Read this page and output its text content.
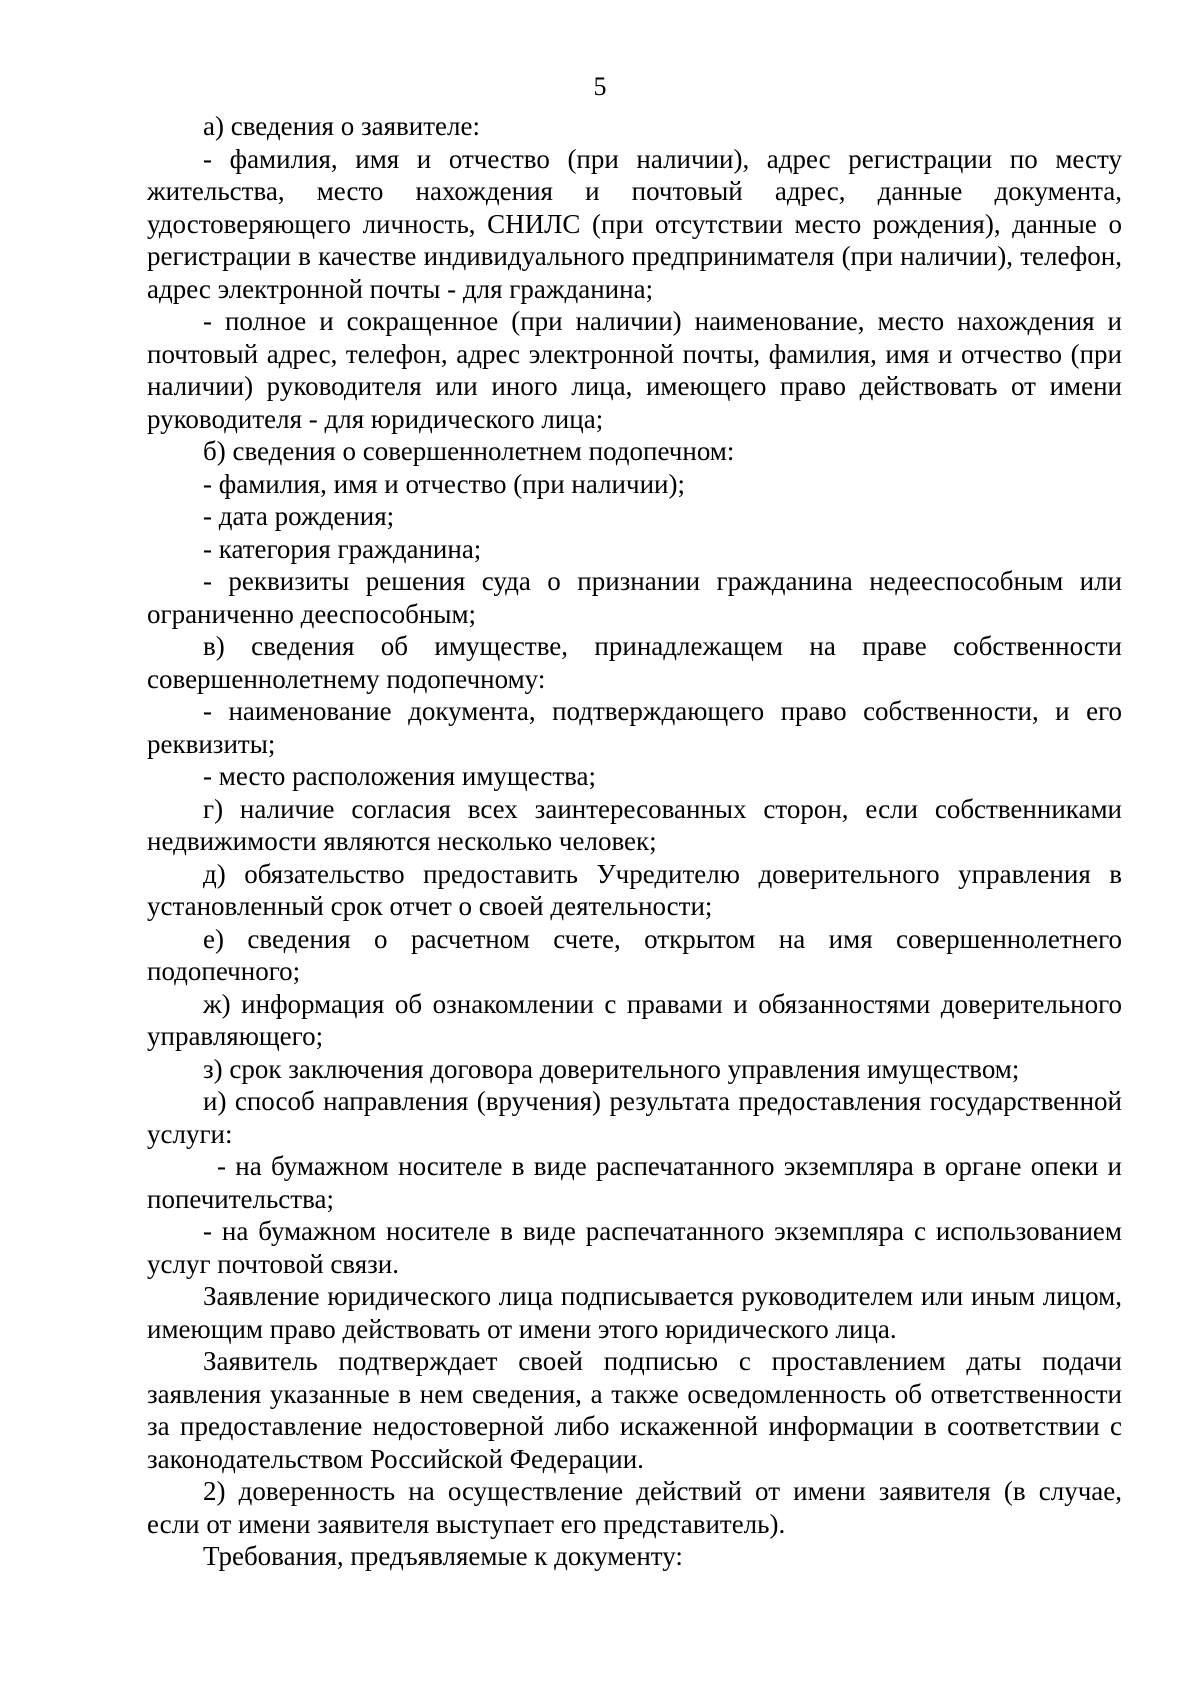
5

а) сведения о заявителе:

- фамилия, имя и отчество (при наличии), адрес регистрации по месту жительства, место нахождения и почтовый адрес, данные документа, удостоверяющего личность, СНИЛС (при отсутствии место рождения), данные о регистрации в качестве индивидуального предпринимателя (при наличии), телефон, адрес электронной почты - для гражданина;

- полное и сокращенное (при наличии) наименование, место нахождения и почтовый адрес, телефон, адрес электронной почты, фамилия, имя и отчество (при наличии) руководителя или иного лица, имеющего право действовать от имени руководителя - для юридического лица;

б) сведения о совершеннолетнем подопечном:

- фамилия, имя и отчество (при наличии);

- дата рождения;

- категория гражданина;

- реквизиты решения суда о признании гражданина недееспособным или ограниченно дееспособным;

в) сведения об имуществе, принадлежащем на праве собственности совершеннолетнему подопечному:

- наименование документа, подтверждающего право собственности, и его реквизиты;

- место расположения имущества;

г) наличие согласия всех заинтересованных сторон, если собственниками недвижимости являются несколько человек;

д) обязательство предоставить Учредителю доверительного управления в установленный срок отчет о своей деятельности;

е) сведения о расчетном счете, открытом на имя совершеннолетнего подопечного;

ж) информация об ознакомлении с правами и обязанностями доверительного управляющего;

з) срок заключения договора доверительного управления имуществом;

и) способ направления (вручения) результата предоставления государственной услуги:

- на бумажном носителе в виде распечатанного экземпляра в органе опеки и попечительства;

- на бумажном носителе в виде распечатанного экземпляра с использованием услуг почтовой связи.

Заявление юридического лица подписывается руководителем или иным лицом, имеющим право действовать от имени этого юридического лица.

Заявитель подтверждает своей подписью с проставлением даты подачи заявления указанные в нем сведения, а также осведомленность об ответственности за предоставление недостоверной либо искаженной информации в соответствии с законодательством Российской Федерации.

2) доверенность на осуществление действий от имени заявителя (в случае, если от имени заявителя выступает его представитель).

Требования, предъявляемые к документу:
